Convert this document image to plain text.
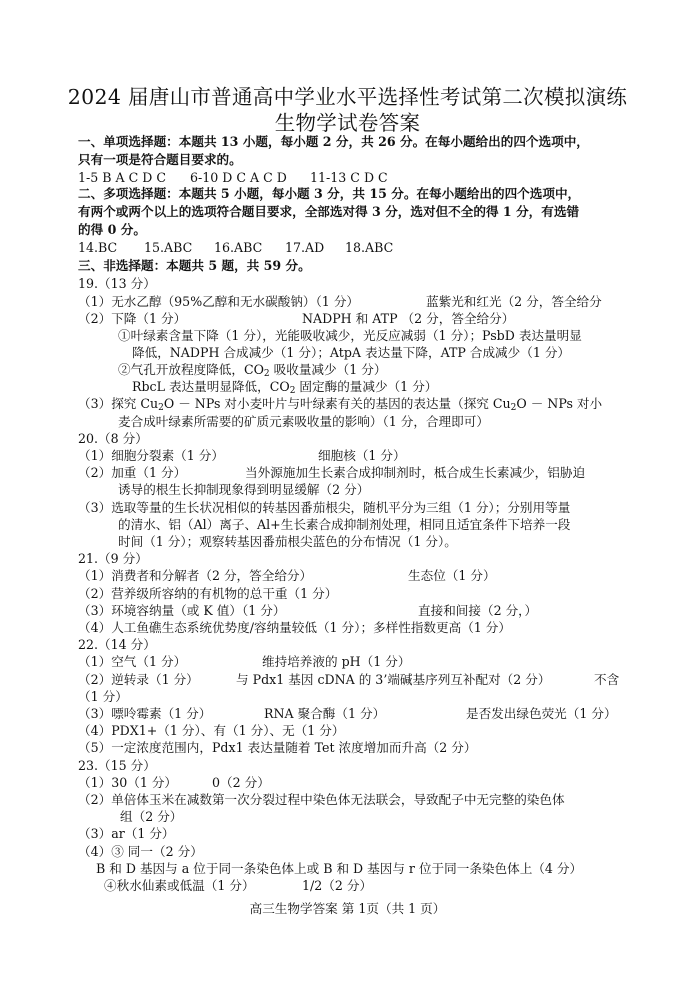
2024 届唐山市普通高中学业水平选择性考试第二次模拟演练
生物学试卷答案
一、单项选择题：本题共 13 小题，每小题 2 分，共 26 分。在每小题给出的四个选项中，
只有一项是符合题目要求的。
1-5 B A C D C 6-10 D C A C D 11-13 C D C
二、多项选择题：本题共 5 小题，每小题 3 分，共 15 分。在每小题给出的四个选项中，
有两个或两个以上的选项符合题目要求，全部选对得 3 分，选对但不全的得 1 分，有选错
的得 0 分。
14.BC 15.ABC 16.ABC 17.AD 18.ABC
三、非选择题：本题共 5 题，共 59 分。
19.（13 分）
（1）无水乙醇（95%乙醇和无水碳酸钠）（1 分）	蓝紫光和红光（2 分，答全给分
（2）下降（1 分）	NADPH 和 ATP （2 分，答全给分）
①叶绿素含量下降（1 分），光能吸收减少，光反应减弱（1 分）；PsbD 表达量明显
降低，NADPH 合成减少（1 分）；AtpA 表达量下降，ATP 合成减少（1 分）
②气孔开放程度降低，$CO_2$ 吸收量减少（1 分）
RbcL 表达量明显降低，$CO_2$ 固定酶的量减少（1 分）
（3）探究 $Cu_2O$ － NPs 对小麦叶片与叶绿素有关的基因的表达量（探究 $Cu_2O$ － NPs 对小
麦合成叶绿素所需要的矿质元素吸收量的影响）（1 分，合理即可）
20.（8 分）
（1）细胞分裂素（1 分）	细胞核（1 分）
（2）加重（1 分）	当外源施加生长素合成抑制剂时，柢合成生长素减少，铝胁迫
诱导的根生长抑制现象得到明显缓解（2 分）
（3）选取等量的生长状况相似的转基因番茄根尖，随机平分为三组（1 分）；分别用等量
的清水、铝（Al）离子、Al+生长素合成抑制剂处理，相同且适宜条件下培养一段
时间（1 分）；观察转基因番茄根尖蓝色的分布情况（1 分）。
21.（9 分）
（1）消费者和分解者（2 分，答全给分）	生态位（1 分）
（2）营养级所容纳的有机物的总干重（1 分）
（3）环境容纳量（或 K 值）（1 分）	直接和间接（2 分，）
（4）人工鱼礁生态系统优势度/容纳量较低（1 分）；多样性指数更高（1 分）
22.（14 分）
（1）空气（1 分）	维持培养液的 pH（1 分）
（2）逆转录（1 分）	与 Pdx1 基因 cDNA 的 3’端碱基序列互补配对（2 分）	不含
（1 分）
（3）嘌呤霉素（1 分）	RNA 聚合酶（1 分）	是否发出绿色荧光（1 分）
（4）PDX1+（1 分）、有（1 分）、无（1 分）
（5）一定浓度范围内，Pdx1 表达量随着 Tet 浓度增加而升高（2 分）
23.（15 分）
（1）30（1 分）	0（2 分）
（2）单倍体玉米在减数第一次分裂过程中染色体无法联会，导致配子中无完整的染色体
组（2 分）
（3）ar（1 分）
（4）③ 同一（2 分）
B 和 D 基因与 a 位于同一条染色体上或 B 和 D 基因与 r 位于同一条染色体上（4 分）
④秋水仙素或低温（1 分）	1/2（2 分）
高三生物学答案 第 1页（共 1 页）
